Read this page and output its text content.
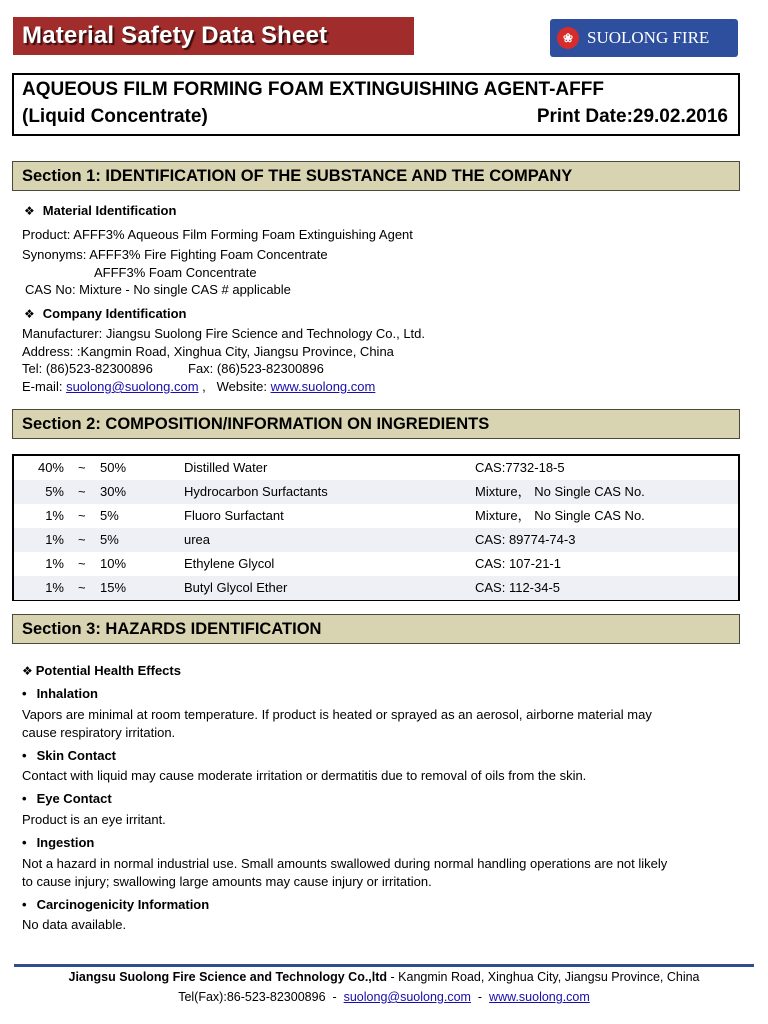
Material Safety Data Sheet	❀ SUOLONG FIRE
AQUEOUS FILM FORMING FOAM EXTINGUISHING AGENT-AFFF
(Liquid Concentrate)	Print Date:29.02.2016
Section 1: IDENTIFICATION OF THE SUBSTANCE AND THE COMPANY
❖ Material Identification
Product: AFFF3% Aqueous Film Forming Foam Extinguishing Agent
Synonyms: AFFF3% Fire Fighting Foam Concentrate
AFFF3% Foam Concentrate
CAS No: Mixture - No single CAS # applicable
❖ Company Identification
Manufacturer: Jiangsu Suolong Fire Science and Technology Co., Ltd.
Address: :Kangmin Road, Xinghua City, Jiangsu Province, China
Tel: (86)523-82300896	Fax: (86)523-82300896
E-mail: suolong@suolong.com ,   Website: www.suolong.com
Section 2: COMPOSITION/INFORMATION ON INGREDIENTS
40% ~ 50%	Distilled Water	CAS:7732-18-5
5% ~ 30%	Hydrocarbon Surfactants	Mixture， No Single CAS No.
1% ~ 5%	Fluoro Surfactant	Mixture， No Single CAS No.
1% ~ 5%	urea	CAS: 89774-74-3
1% ~ 10%	Ethylene Glycol	CAS: 107-21-1
1% ~ 15%	Butyl Glycol Ether	CAS: 112-34-5
Section 3: HAZARDS IDENTIFICATION
❖ Potential Health Effects
• Inhalation
Vapors are minimal at room temperature. If product is heated or sprayed as an aerosol, airborne material may
cause respiratory irritation.
• Skin Contact
Contact with liquid may cause moderate irritation or dermatitis due to removal of oils from the skin.
• Eye Contact
Product is an eye irritant.
• Ingestion
Not a hazard in normal industrial use. Small amounts swallowed during normal handling operations are not likely
to cause injury; swallowing large amounts may cause injury or irritation.
• Carcinogenicity Information
No data available.
Jiangsu Suolong Fire Science and Technology Co.,ltd - Kangmin Road, Xinghua City, Jiangsu Province, China
Tel(Fax):86-523-82300896  -  suolong@suolong.com  -  www.suolong.com
